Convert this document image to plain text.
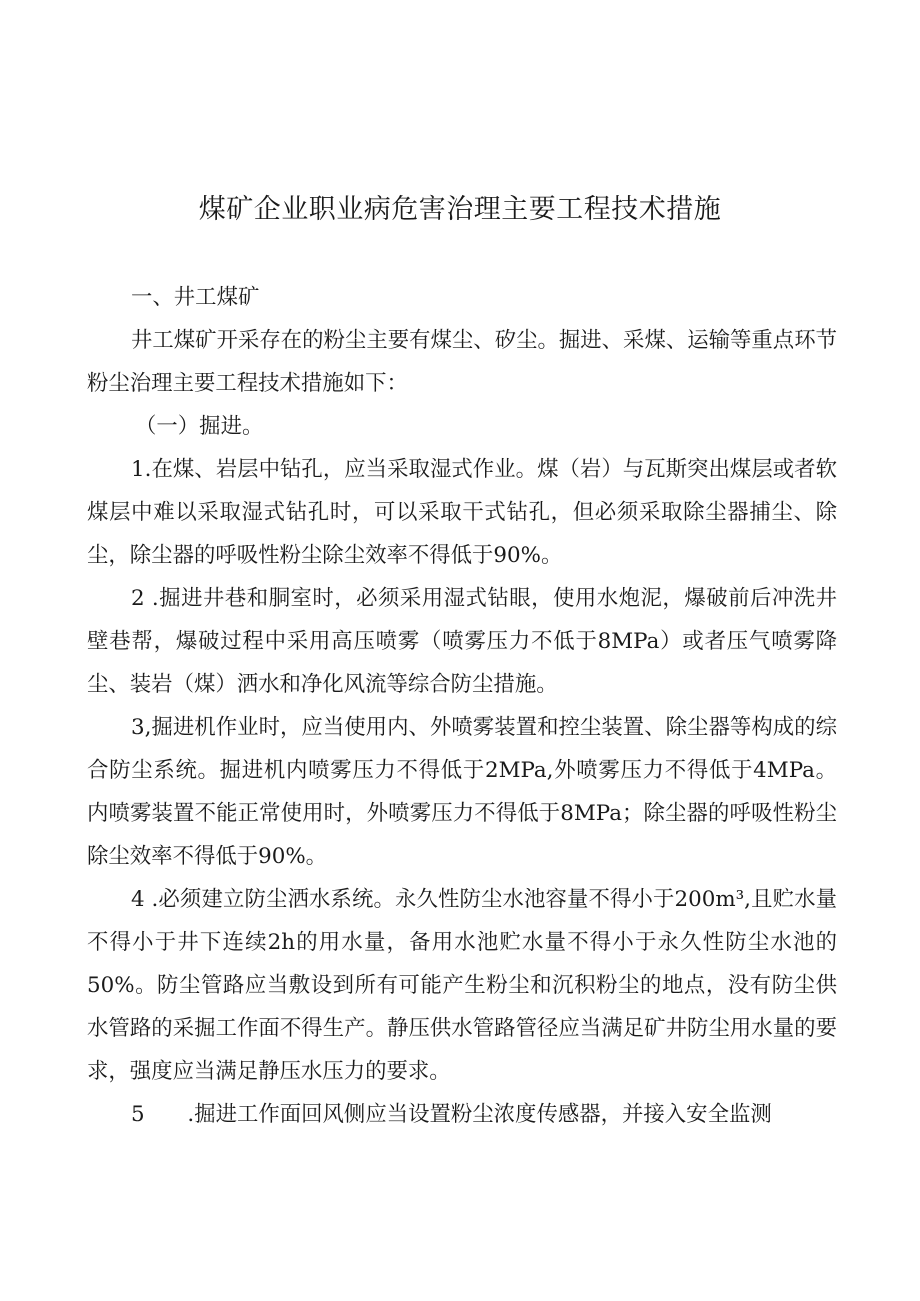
煤矿企业职业病危害治理主要工程技术措施

一、井工煤矿

井工煤矿开采存在的粉尘主要有煤尘、矽尘。掘进、采煤、运输等重点环节粉尘治理主要工程技术措施如下：

（一）掘进。

1.在煤、岩层中钻孔，应当采取湿式作业。煤（岩）与瓦斯突出煤层或者软煤层中难以采取湿式钻孔时，可以采取干式钻孔，但必须采取除尘器捕尘、除尘，除尘器的呼吸性粉尘除尘效率不得低于90%。

2 .掘进井巷和胴室时，必须采用湿式钻眼，使用水炮泥，爆破前后冲洗井壁巷帮，爆破过程中采用高压喷雾（喷雾压力不低于8MPa）或者压气喷雾降尘、装岩（煤）洒水和净化风流等综合防尘措施。

3,掘进机作业时，应当使用内、外喷雾装置和控尘装置、除尘器等构成的综合防尘系统。掘进机内喷雾压力不得低于2MPa,外喷雾压力不得低于4MPa。内喷雾装置不能正常使用时，外喷雾压力不得低于8MPa；除尘器的呼吸性粉尘除尘效率不得低于90%。

4 .必须建立防尘洒水系统。永久性防尘水池容量不得小于200m³,且贮水量不得小于井下连续2h的用水量，备用水池贮水量不得小于永久性防尘水池的50%。防尘管路应当敷设到所有可能产生粉尘和沉积粉尘的地点，没有防尘供水管路的采掘工作面不得生产。静压供水管路管径应当满足矿井防尘用水量的要求，强度应当满足静压水压力的要求。

5　　.掘进工作面回风侧应当设置粉尘浓度传感器，并接入安全监测
